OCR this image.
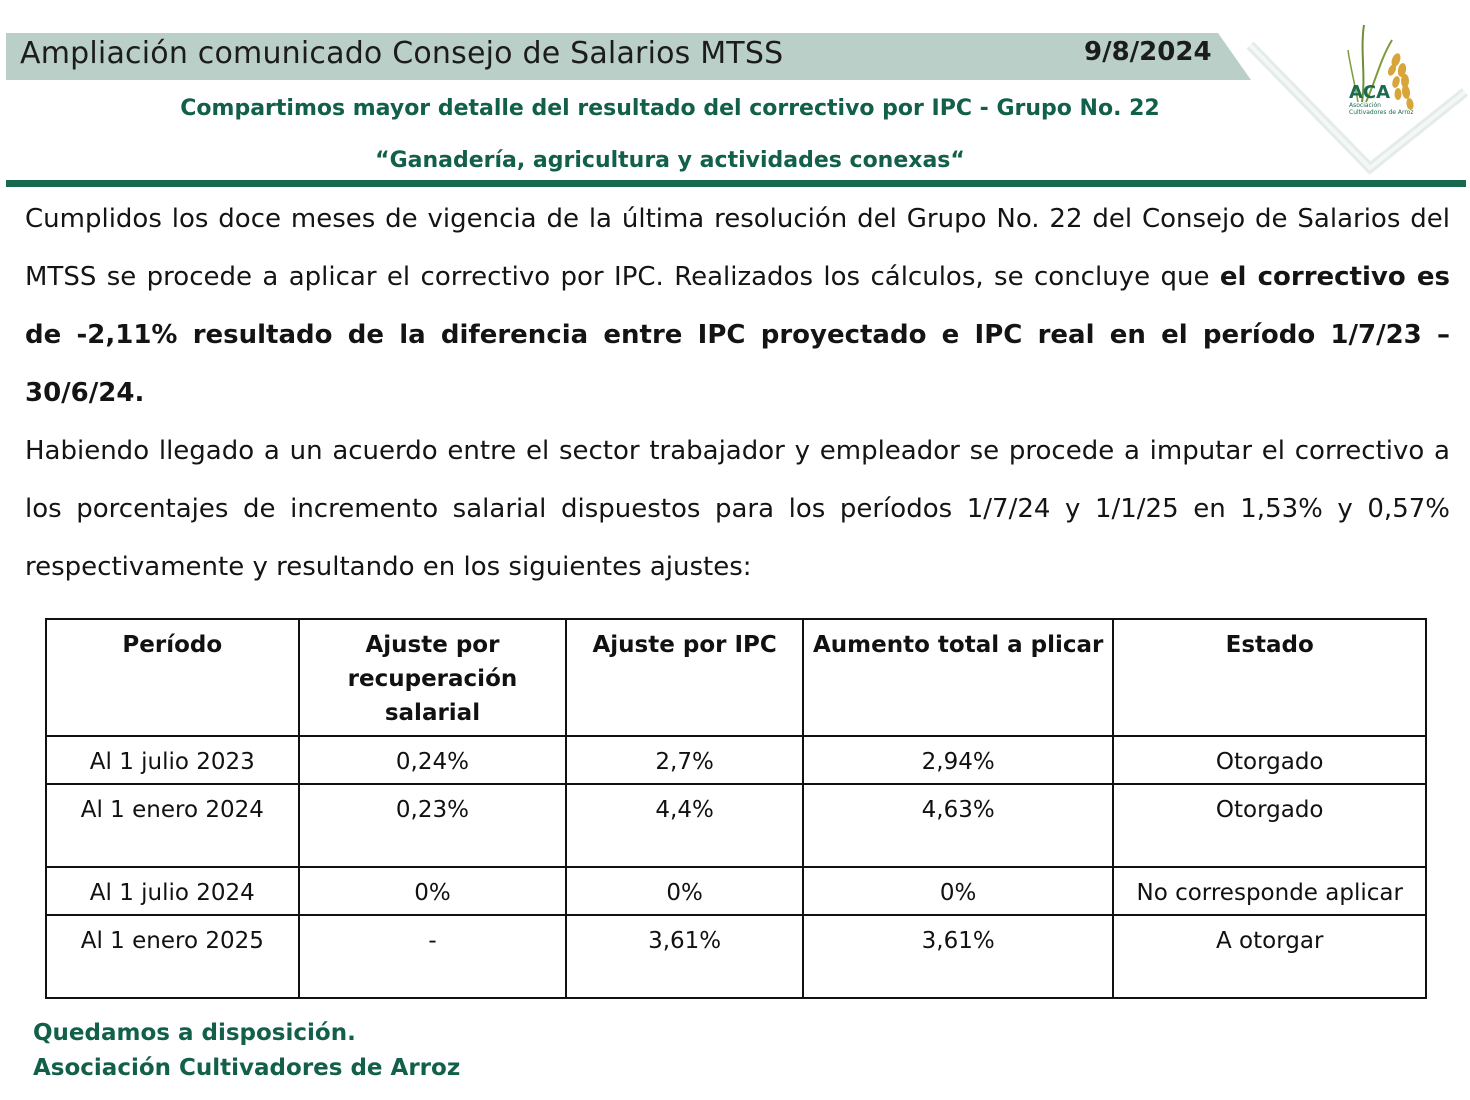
Ampliación comunicado Consejo de Salarios MTSS	9/8/2024
ACA
Asociación Cultivadores de Arroz
Compartimos mayor detalle del resultado del correctivo por IPC - Grupo No. 22
“Ganadería, agricultura y actividades conexas“

Cumplidos los doce meses de vigencia de la última resolución del Grupo No. 22 del Consejo de Salarios del MTSS se procede a aplicar el correctivo por IPC. Realizados los cálculos, se concluye que el correctivo es de -2,11% resultado de la diferencia entre IPC proyectado e IPC real en el período 1/7/23 – 30/6/24.

Habiendo llegado a un acuerdo entre el sector trabajador y empleador se procede a imputar el correctivo a los porcentajes de incremento salarial dispuestos para los períodos 1/7/24 y 1/1/25 en 1,53% y 0,57% respectivamente y resultando en los siguientes ajustes:

Período	Ajuste por recuperación salarial	Ajuste por IPC	Aumento total a plicar	Estado
Al 1 julio 2023	0,24%	2,7%	2,94%	Otorgado
Al 1 enero 2024	0,23%	4,4%	4,63%	Otorgado
Al 1 julio 2024	0%	0%	0%	No corresponde aplicar
Al 1 enero 2025	-	3,61%	3,61%	A otorgar
Quedamos a disposición.
Asociación Cultivadores de Arroz
